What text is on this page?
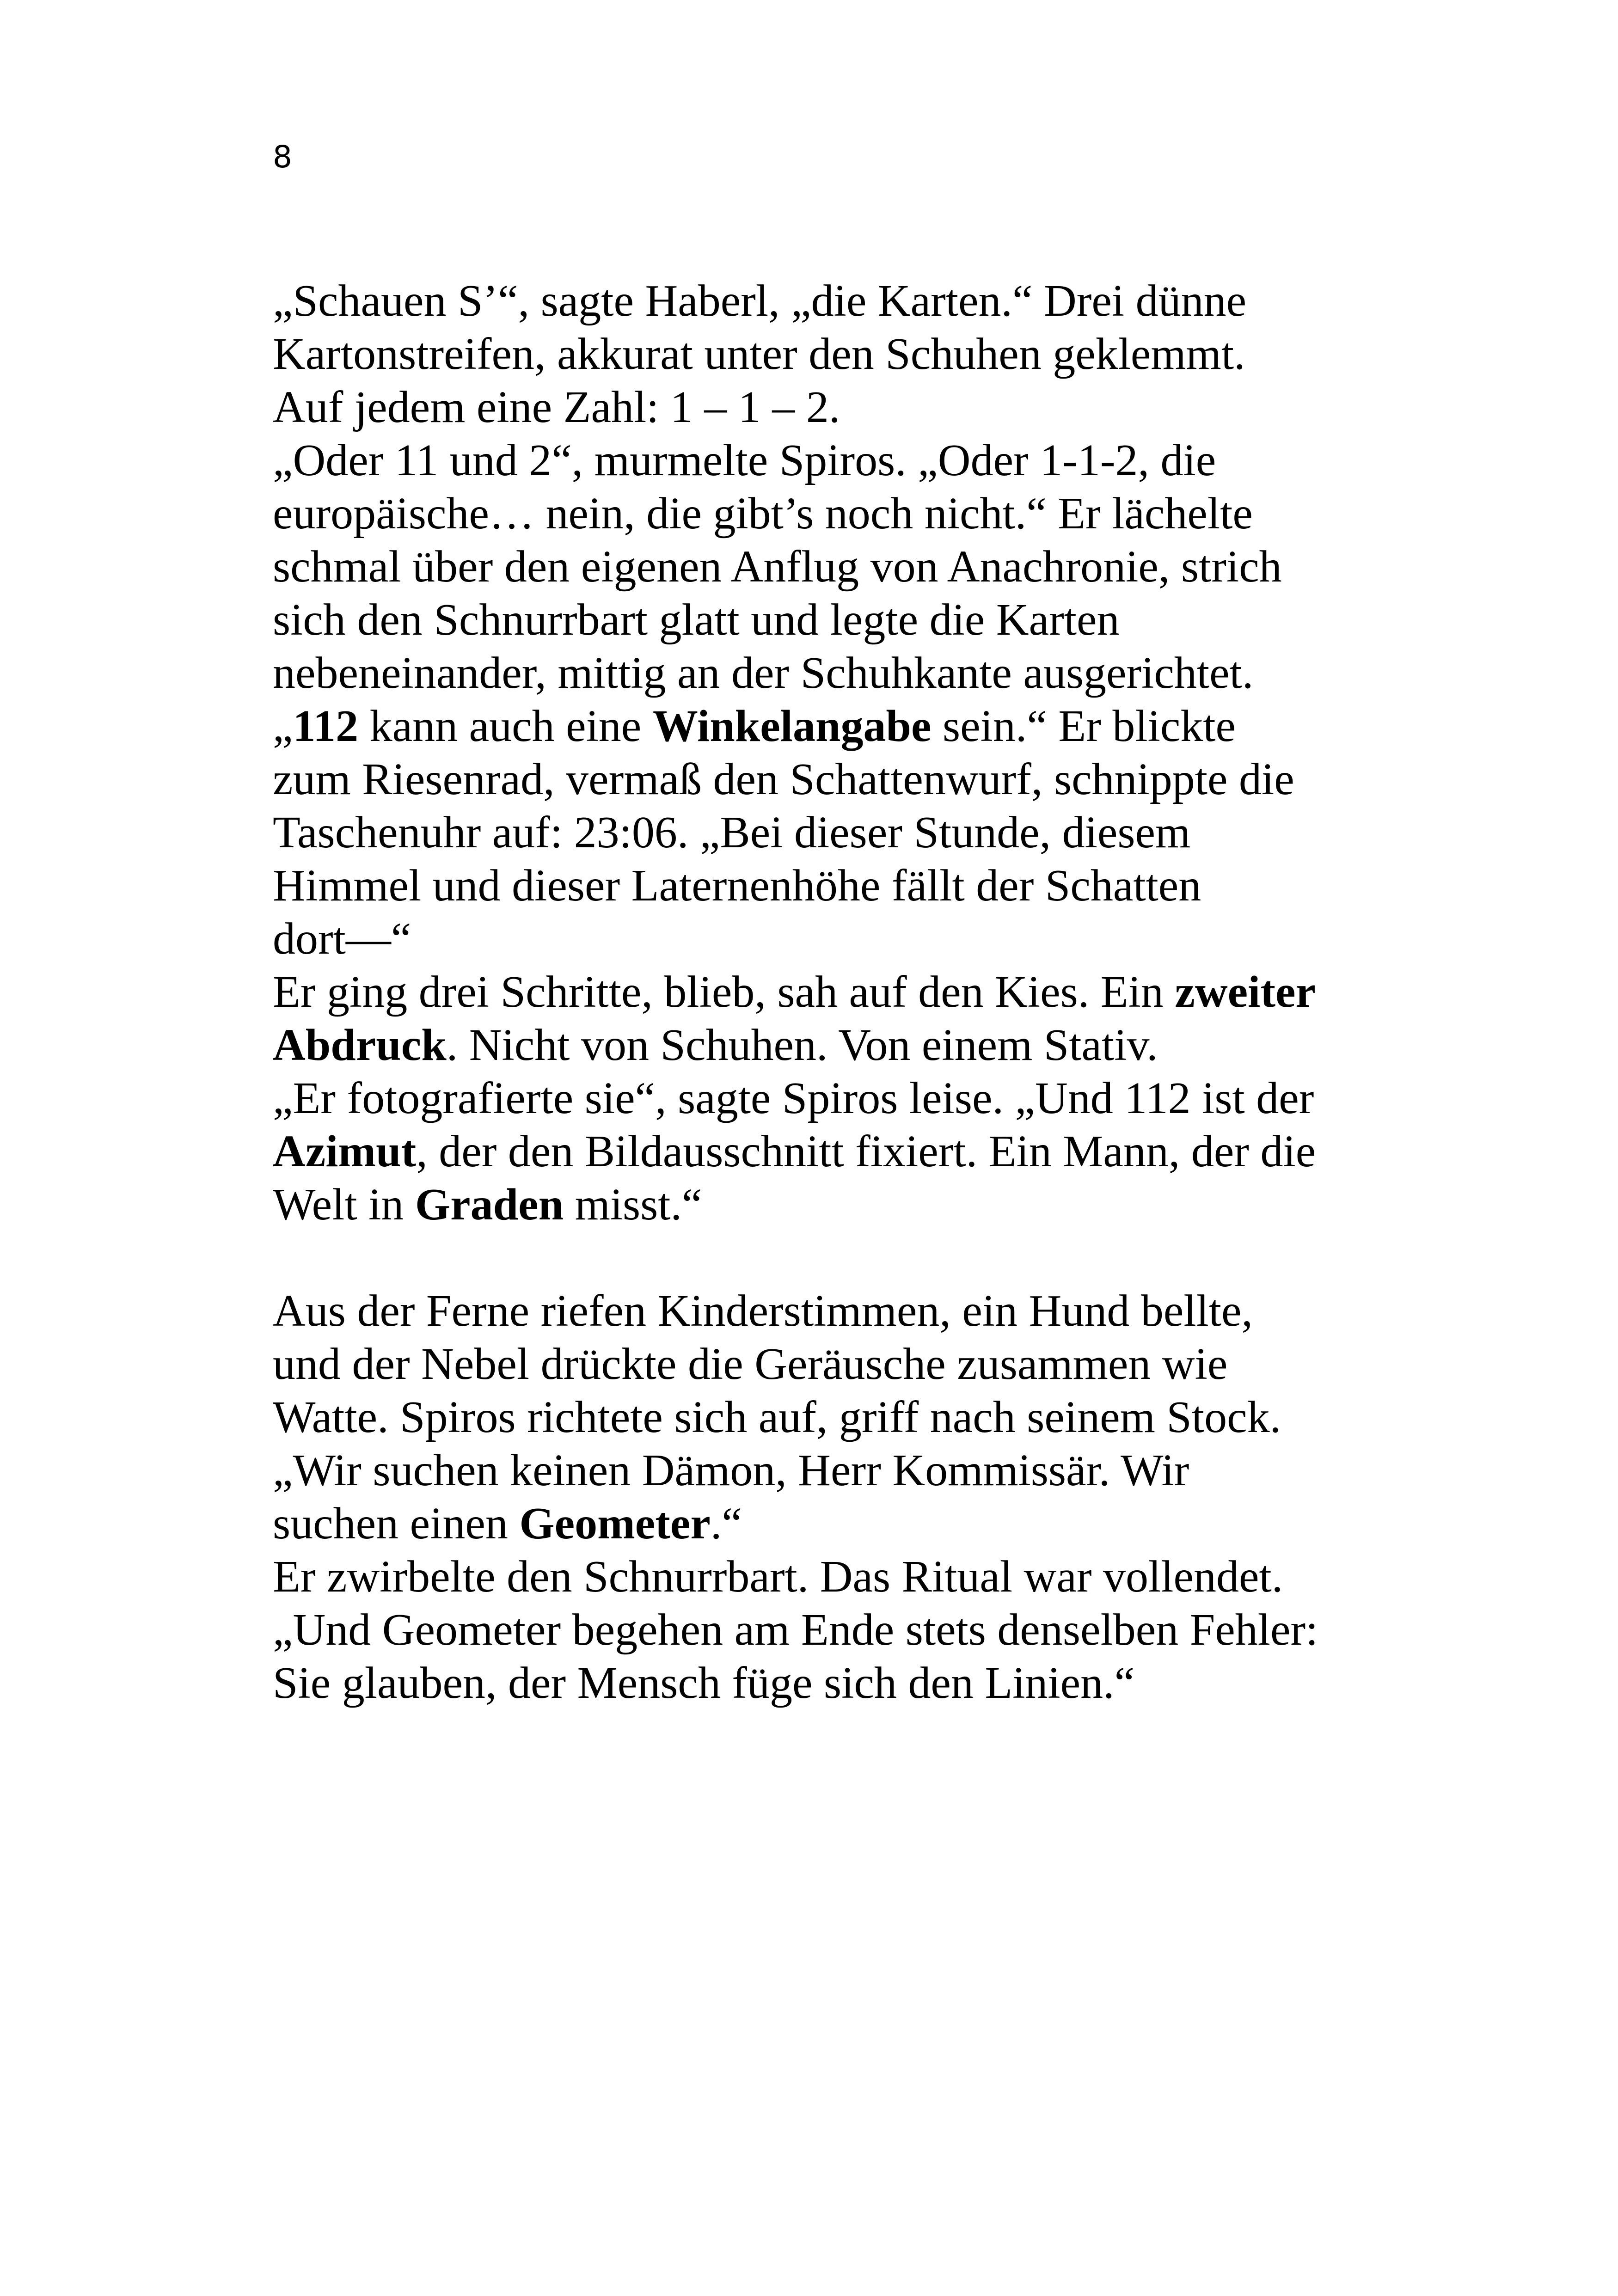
8
„Schauen S’“, sagte Haberl, „die Karten.“ Drei dünne
Kartonstreifen, akkurat unter den Schuhen geklemmt.
Auf jedem eine Zahl: 1 – 1 – 2.
„Oder 11 und 2“, murmelte Spiros. „Oder 1-1-2, die
europäische… nein, die gibt’s noch nicht.“ Er lächelte
schmal über den eigenen Anflug von Anachronie, strich
sich den Schnurrbart glatt und legte die Karten
nebeneinander, mittig an der Schuhkante ausgerichtet.
„112 kann auch eine Winkelangabe sein.“ Er blickte
zum Riesenrad, vermaß den Schattenwurf, schnippte die
Taschenuhr auf: 23:06. „Bei dieser Stunde, diesem
Himmel und dieser Laternenhöhe fällt der Schatten
dort—“
Er ging drei Schritte, blieb, sah auf den Kies. Ein zweiter
Abdruck. Nicht von Schuhen. Von einem Stativ.
„Er fotografierte sie“, sagte Spiros leise. „Und 112 ist der
Azimut, der den Bildausschnitt fixiert. Ein Mann, der die
Welt in Graden misst.“
Aus der Ferne riefen Kinderstimmen, ein Hund bellte,
und der Nebel drückte die Geräusche zusammen wie
Watte. Spiros richtete sich auf, griff nach seinem Stock.
„Wir suchen keinen Dämon, Herr Kommissär. Wir
suchen einen Geometer.“
Er zwirbelte den Schnurrbart. Das Ritual war vollendet.
„Und Geometer begehen am Ende stets denselben Fehler:
Sie glauben, der Mensch füge sich den Linien.“
